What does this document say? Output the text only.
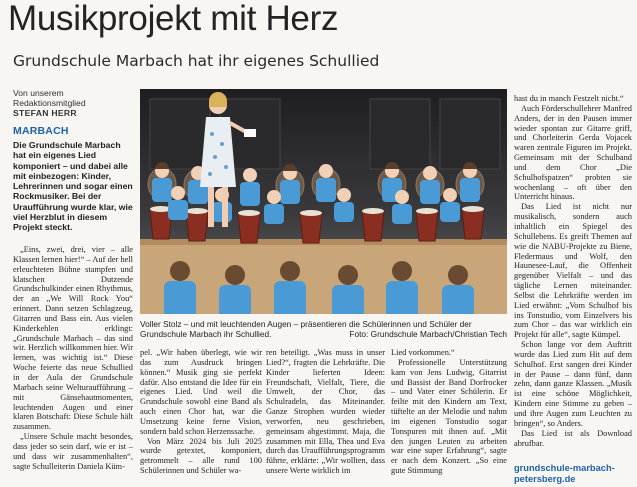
Musikprojekt mit Herz
Grundschule Marbach hat ihr eigenes Schullied
Von unserem
Redaktionsmitglied
STEFAN HERR
MARBACH
Die Grundschule Marbach hat ein eigenes Lied komponiert – und dabei alle mit einbezogen: Kinder, Lehrerinnen und sogar einen Rockmusiker. Bei der Uraufführung wurde klar, wie viel Herzblut in diesem Projekt steckt.

„Eins, zwei, drei, vier – alle Klassen lernen hier!“ – Auf der hell erleuchteten Bühne stampfen und klatschen Dutzende Grundschulkinder einen Rhythmus, der an „We Will Rock You“ erinnert. Dann setzen Schlagzeug, Gitarren und Bass ein. Aus vielen Kinderkehlen erklingt: „Grundschule Marbach – das sind wir. Herzlich willkommen hier. Wir lernen, was wichtig ist.“ Diese Woche feierte das neue Schullied in der Aula der Grundschule Marbach seine Welturaufführung – mit Gänsehautmomenten, leuchtenden Augen und einer klaren Botschaft: Diese Schule hält zusammen.

„Unsere Schule macht besondes, dass jeder so sein darf, wie er ist – und dass wir zusammenhalten“, sagte Schulleiterin Daniela Küm-

Voller Stolz – und mit leuchtenden Augen – präsentieren die Schülerinnen und Schüler der Grundschule Marbach ihr Schullied.	Foto: Grundschule Marbach/Christian Tech

pel. „Wir haben überlegt, wie wir das zum Ausdruck bringen können.“ Musik ging sie perfekt dafür. Also entstand die Idee für ein eigenes Lied. Und weil die Grundschule sowohl eine Band als auch einen Chor hat, war die Umsetzung keine ferne Vision, sondern bald schon Herzenssache.

Von März 2024 bis Juli 2025 wurde getextet, komponiert, getrommelt – alle rund 100 Schülerinnen und Schüler wa-

ren beteiligt. „Was muss in unser Lied?“, fragten die Lehrkräfte. Die Kinder lieferten Ideen: Freundschaft, Vielfalt, Tiere, die Umwelt, der Chor, das Schulradeln, das Miteinander. Ganze Strophen wurden wieder verworfen, neu geschrieben, gemeinsam abgestimmt. Maja, die zusammen mit Ella, Thea und Eva durch das Uraufführungsprogramm führte, erklärte: „Wir wollten, dass unsere Werte wirklich im

Lied vorkommen.“

Professionelle Unterstützung kam von Jens Ludwig, Gitarrist und Bassist der Band Dorfrocker – und Vater einer Schülerin. Er feilte mit den Kindern am Text, tüftelte an der Melodie und nahm im eigenen Tonstudio sogar Tonspuren mit ihnen auf. „Mit den jungen Leuten zu arbeiten war eine super Erfahrung“, sagte er nach dem Konzert. „So eine gute Stimmung

hast du in manch Festzelt nicht.“

Auch Förderschullehrer Manfred Anders, der in den Pausen immer wieder spontan zur Gitarre griff, und Chorleiterin Gerda Vojacek waren zentrale Figuren im Projekt. Gemeinsam mit der Schulband und dem Chor „Die Schulhofspatzen“ probten sie wochenlang – oft über den Unterricht hinaus.

Das Lied ist nicht nur musikalisch, sondern auch inhaltlich ein Spiegel des Schullebens. Es greift Themen auf wie die NABU-Projekte zu Biene, Fledermaus und Wolf, den Haunesee-Lauf, die Offenheit gegenüber Vielfalt – und das tägliche Lernen miteinander. Selbst die Lehrkräfte werden im Lied erwähnt: „Vom Schulhof bis ins Tonstudio, vom Einzelvers bis zum Chor – das war wirklich ein Projekt für alle“, sagte Kümpel.

Schon lange vor dem Auftritt wurde das Lied zum Hit auf dem Schulhof. Erst sangen drei Kinder in der Pause – dann fünf, dann zehn, dann ganze Klassen. „Musik ist eine schöne Möglichkeit, Kindern eine Stimme zu geben – und ihre Augen zum Leuchten zu bringen“, so Anders.

Das Lied ist als Download abrufbar.

grundschule-marbach-petersberg.de
